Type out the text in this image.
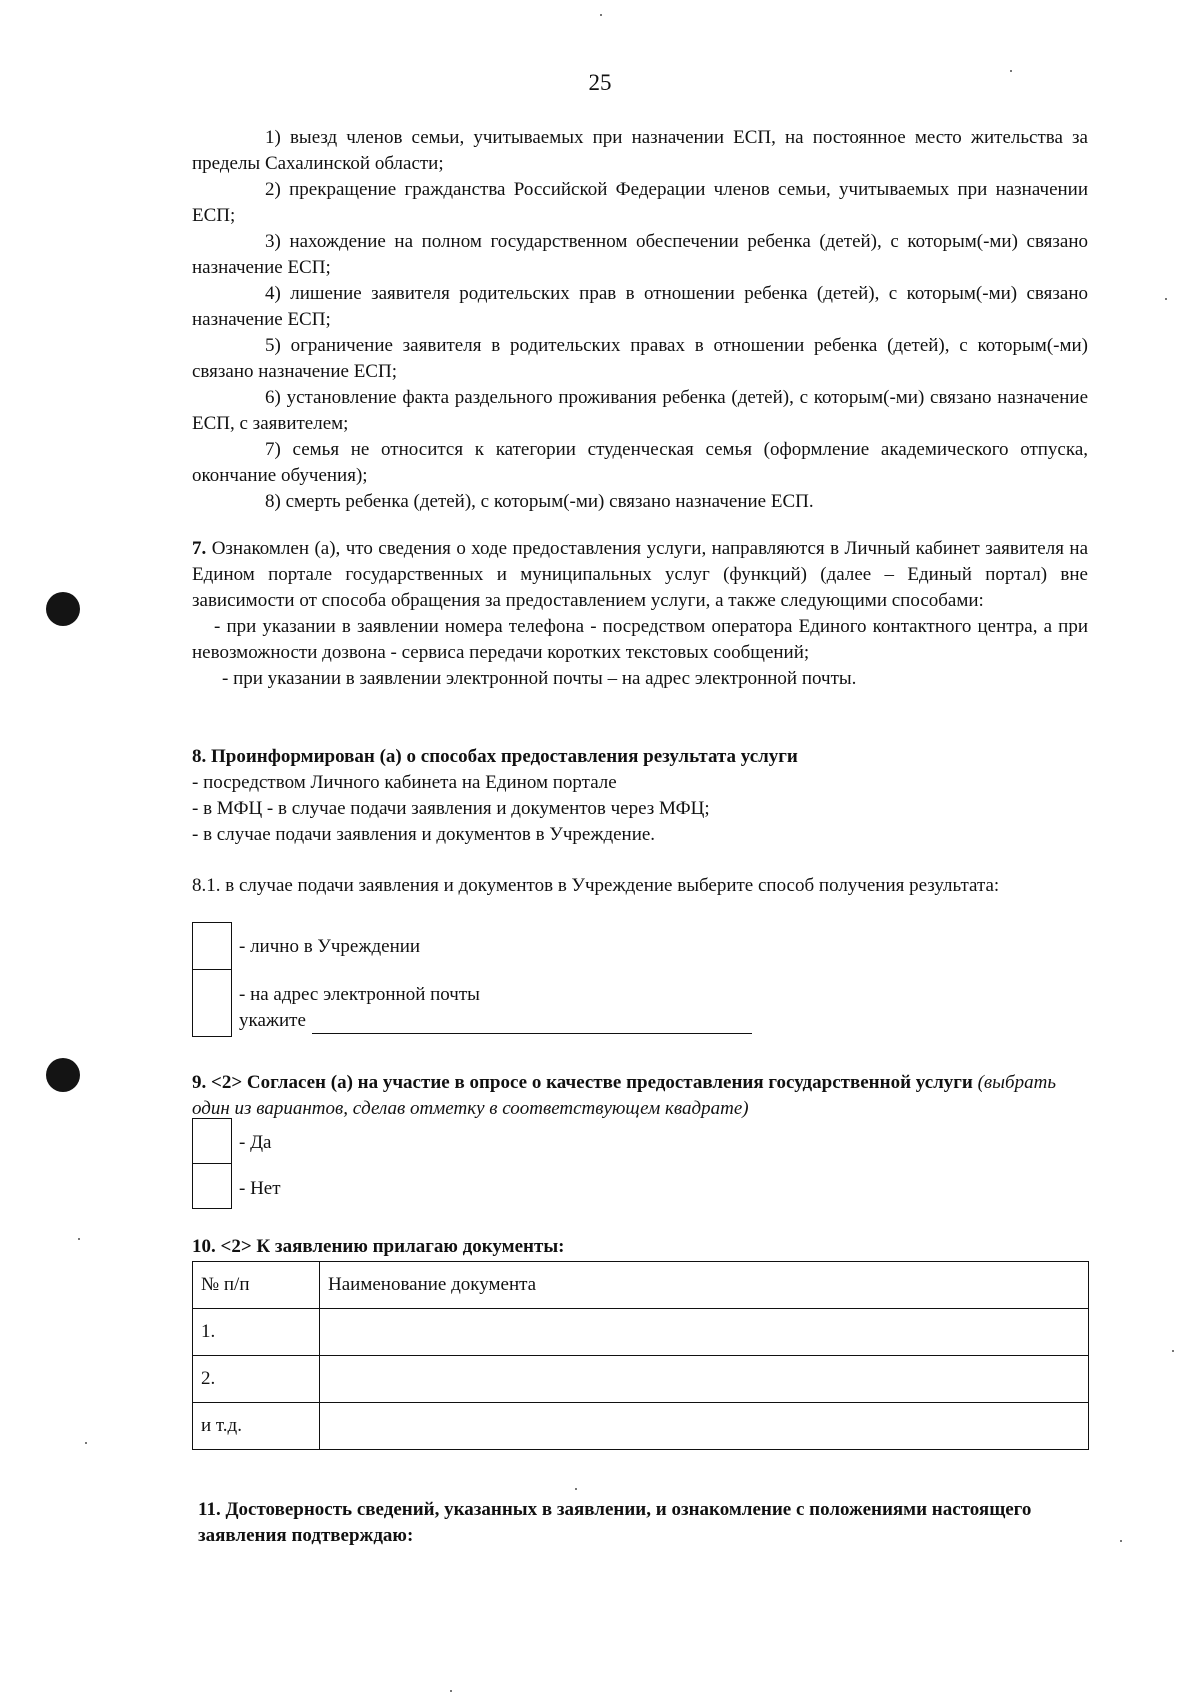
25

1) выезд членов семьи, учитываемых при назначении ЕСП, на постоянное место жительства за пределы Сахалинской области;

2) прекращение гражданства Российской Федерации членов семьи, учитываемых при назначении ЕСП;

3) нахождение на полном государственном обеспечении ребенка (детей), с которым(-ми) связано назначение ЕСП;

4) лишение заявителя родительских прав в отношении ребенка (детей), с которым(-ми) связано назначение ЕСП;

5) ограничение заявителя в родительских правах в отношении ребенка (детей), с которым(-ми) связано назначение ЕСП;

6) установление факта раздельного проживания ребенка (детей), с которым(-ми) связано назначение ЕСП, с заявителем;

7) семья не относится к категории студенческая семья (оформление академического отпуска, окончание обучения);

8) смерть ребенка (детей), с которым(-ми) связано назначение ЕСП.

7. Ознакомлен (а), что сведения о ходе предоставления услуги, направляются в Личный кабинет заявителя на Едином портале государственных и муниципальных услуг (функций) (далее – Единый портал) вне зависимости от способа обращения за предоставлением услуги, а также следующими способами:

- при указании в заявлении номера телефона - посредством оператора Единого контактного центра, а при невозможности дозвона - сервиса передачи коротких текстовых сообщений;

- при указании в заявлении электронной почты – на адрес электронной почты.

8. Проинформирован (а) о способах предоставления результата услуги

- посредством Личного кабинета на Едином портале

- в МФЦ - в случае подачи заявления и документов через МФЦ;

- в случае подачи заявления и документов в Учреждение.

8.1. в случае подачи заявления и документов в Учреждение выберите способ получения результата:

- лично в Учреждении
- на адрес электронной почты
укажите

9. <2> Согласен (а) на участие в опросе о качестве предоставления государственной услуги (выбрать один из вариантов, сделав отметку в соответствующем квадрате)

- Да
- Нет

10. <2> К заявлению прилагаю документы:

№ п/п	Наименование документа
1.	
2.	
и т.д.	

11. Достоверность сведений, указанных в заявлении, и ознакомление с положениями настоящего заявления подтверждаю:
